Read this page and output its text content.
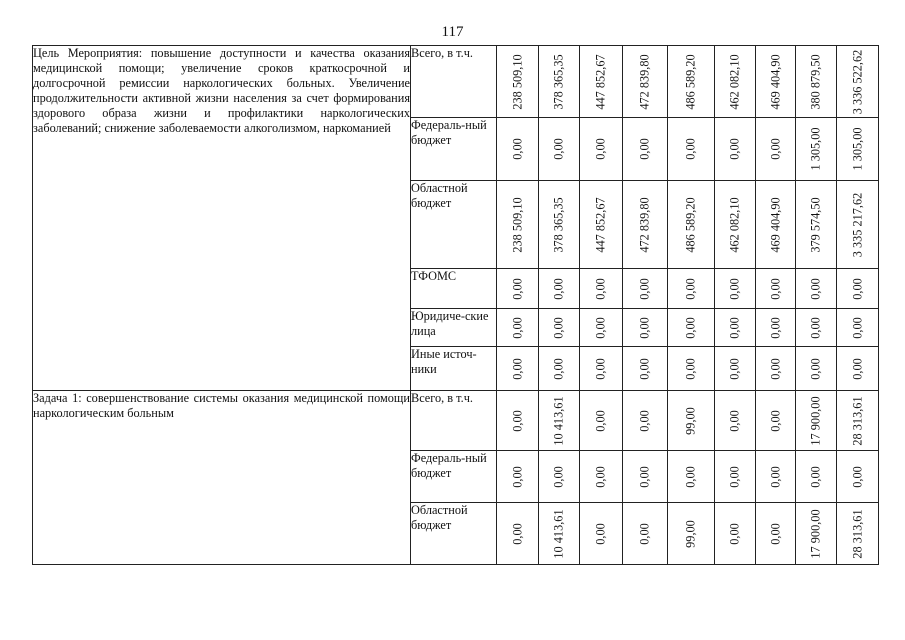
117
Цель Мероприятия: повышение доступности и качества оказания медицинской помощи; увеличение сроков краткосрочной и долгосрочной ремиссии наркологических больных. Увеличение продолжительности активной жизни населения за счет формирования здорового образа жизни и профилактики наркологических заболеваний; снижение заболеваемости алкоголизмом, наркоманией	Всего, в т.ч.	238 509,10	378 365,35	447 852,67	472 839,80	486 589,20	462 082,10	469 404,90	380 879,50	3 336 522,62

	Федераль-ный бюджет	0,00	0,00	0,00	0,00	0,00	0,00	0,00	1 305,00	1 305,00

	Областной бюджет	238 509,10	378 365,35	447 852,67	472 839,80	486 589,20	462 082,10	469 404,90	379 574,50	3 335 217,62

	ТФОМС	0,00	0,00	0,00	0,00	0,00	0,00	0,00	0,00	0,00

	Юридиче-ские лица	0,00	0,00	0,00	0,00	0,00	0,00	0,00	0,00	0,00

	Иные источ-ники	0,00	0,00	0,00	0,00	0,00	0,00	0,00	0,00	0,00

Задача 1: совершенствование системы оказания медицинской помощи наркологическим больным	Всего, в т.ч.	0,00	10 413,61	0,00	0,00	99,00	0,00	0,00	17 900,00	28 313,61

	Федераль-ный бюджет	0,00	0,00	0,00	0,00	0,00	0,00	0,00	0,00	0,00

	Областной бюджет	0,00	10 413,61	0,00	0,00	99,00	0,00	0,00	17 900,00	28 313,61
